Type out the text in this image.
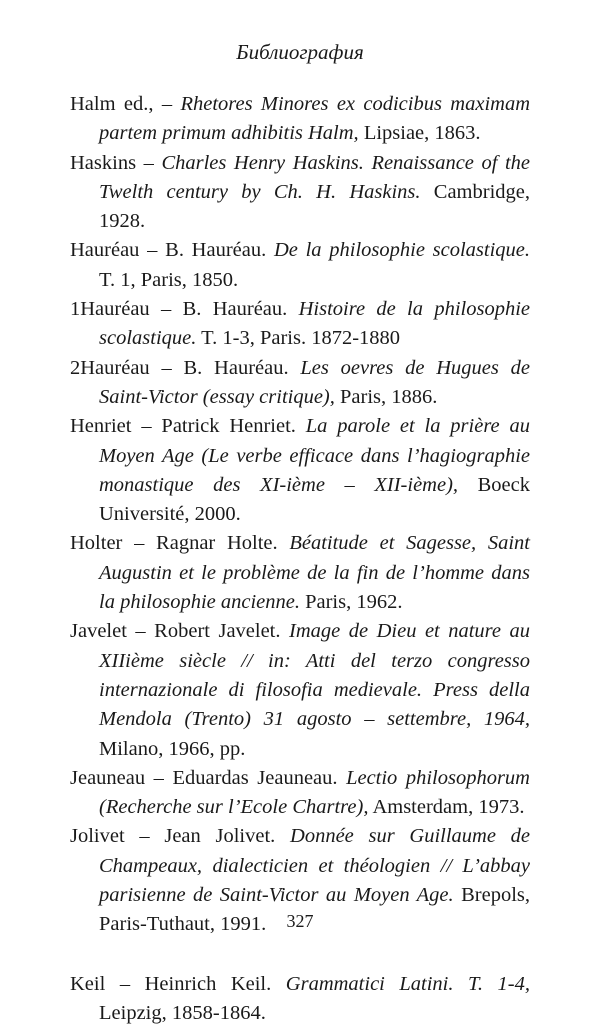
Библиография

Halm ed., – Rhetores Minores ex codicibus maximam partem primum adhibitis Halm, Lipsiae, 1863.

Haskins – Charles Henry Haskins. Renaissance of the Twelth century by Ch. H. Haskins. Cambridge, 1928.

Hauréau – B. Hauréau. De la philosophie scolastique. T. 1, Paris, 1850.

1Hauréau – B. Hauréau. Histoire de la philosophie scolastique. T. 1-3, Paris. 1872-1880

2Hauréau – B. Hauréau. Les oevres de Hugues de Saint-Victor (essay critique), Paris, 1886.

Henriet – Patrick Henriet. La parole et la prière au Moyen Age (Le verbe efficace dans l’hagiographie monastique des XI-ième – XII-ième), Boeck Université, 2000.

Holter – Ragnar Holte. Béatitude et Sagesse, Saint Augustin et le problème de la fin de l’homme dans la philosophie ancienne. Paris, 1962.

Javelet – Robert Javelet. Image de Dieu et nature au XIIième siècle // in: Atti del terzo congresso internazionale di filosofia medievale. Press della Mendola (Trento) 31 agosto – settembre, 1964, Milano, 1966, pp.

Jeauneau – Eduardas Jeauneau. Lectio philosophorum (Recherche sur l’Ecole Chartre), Amsterdam, 1973.

Jolivet – Jean Jolivet. Donnée sur Guillaume de Champeaux, dialecticien et théologien // L’abbay parisienne de Saint-Victor au Moyen Age. Brepols, Paris-Tuthaut, 1991.

Keil – Heinrich Keil. Grammatici Latini. T. 1-4, Leipzig, 1858-1864.

327
